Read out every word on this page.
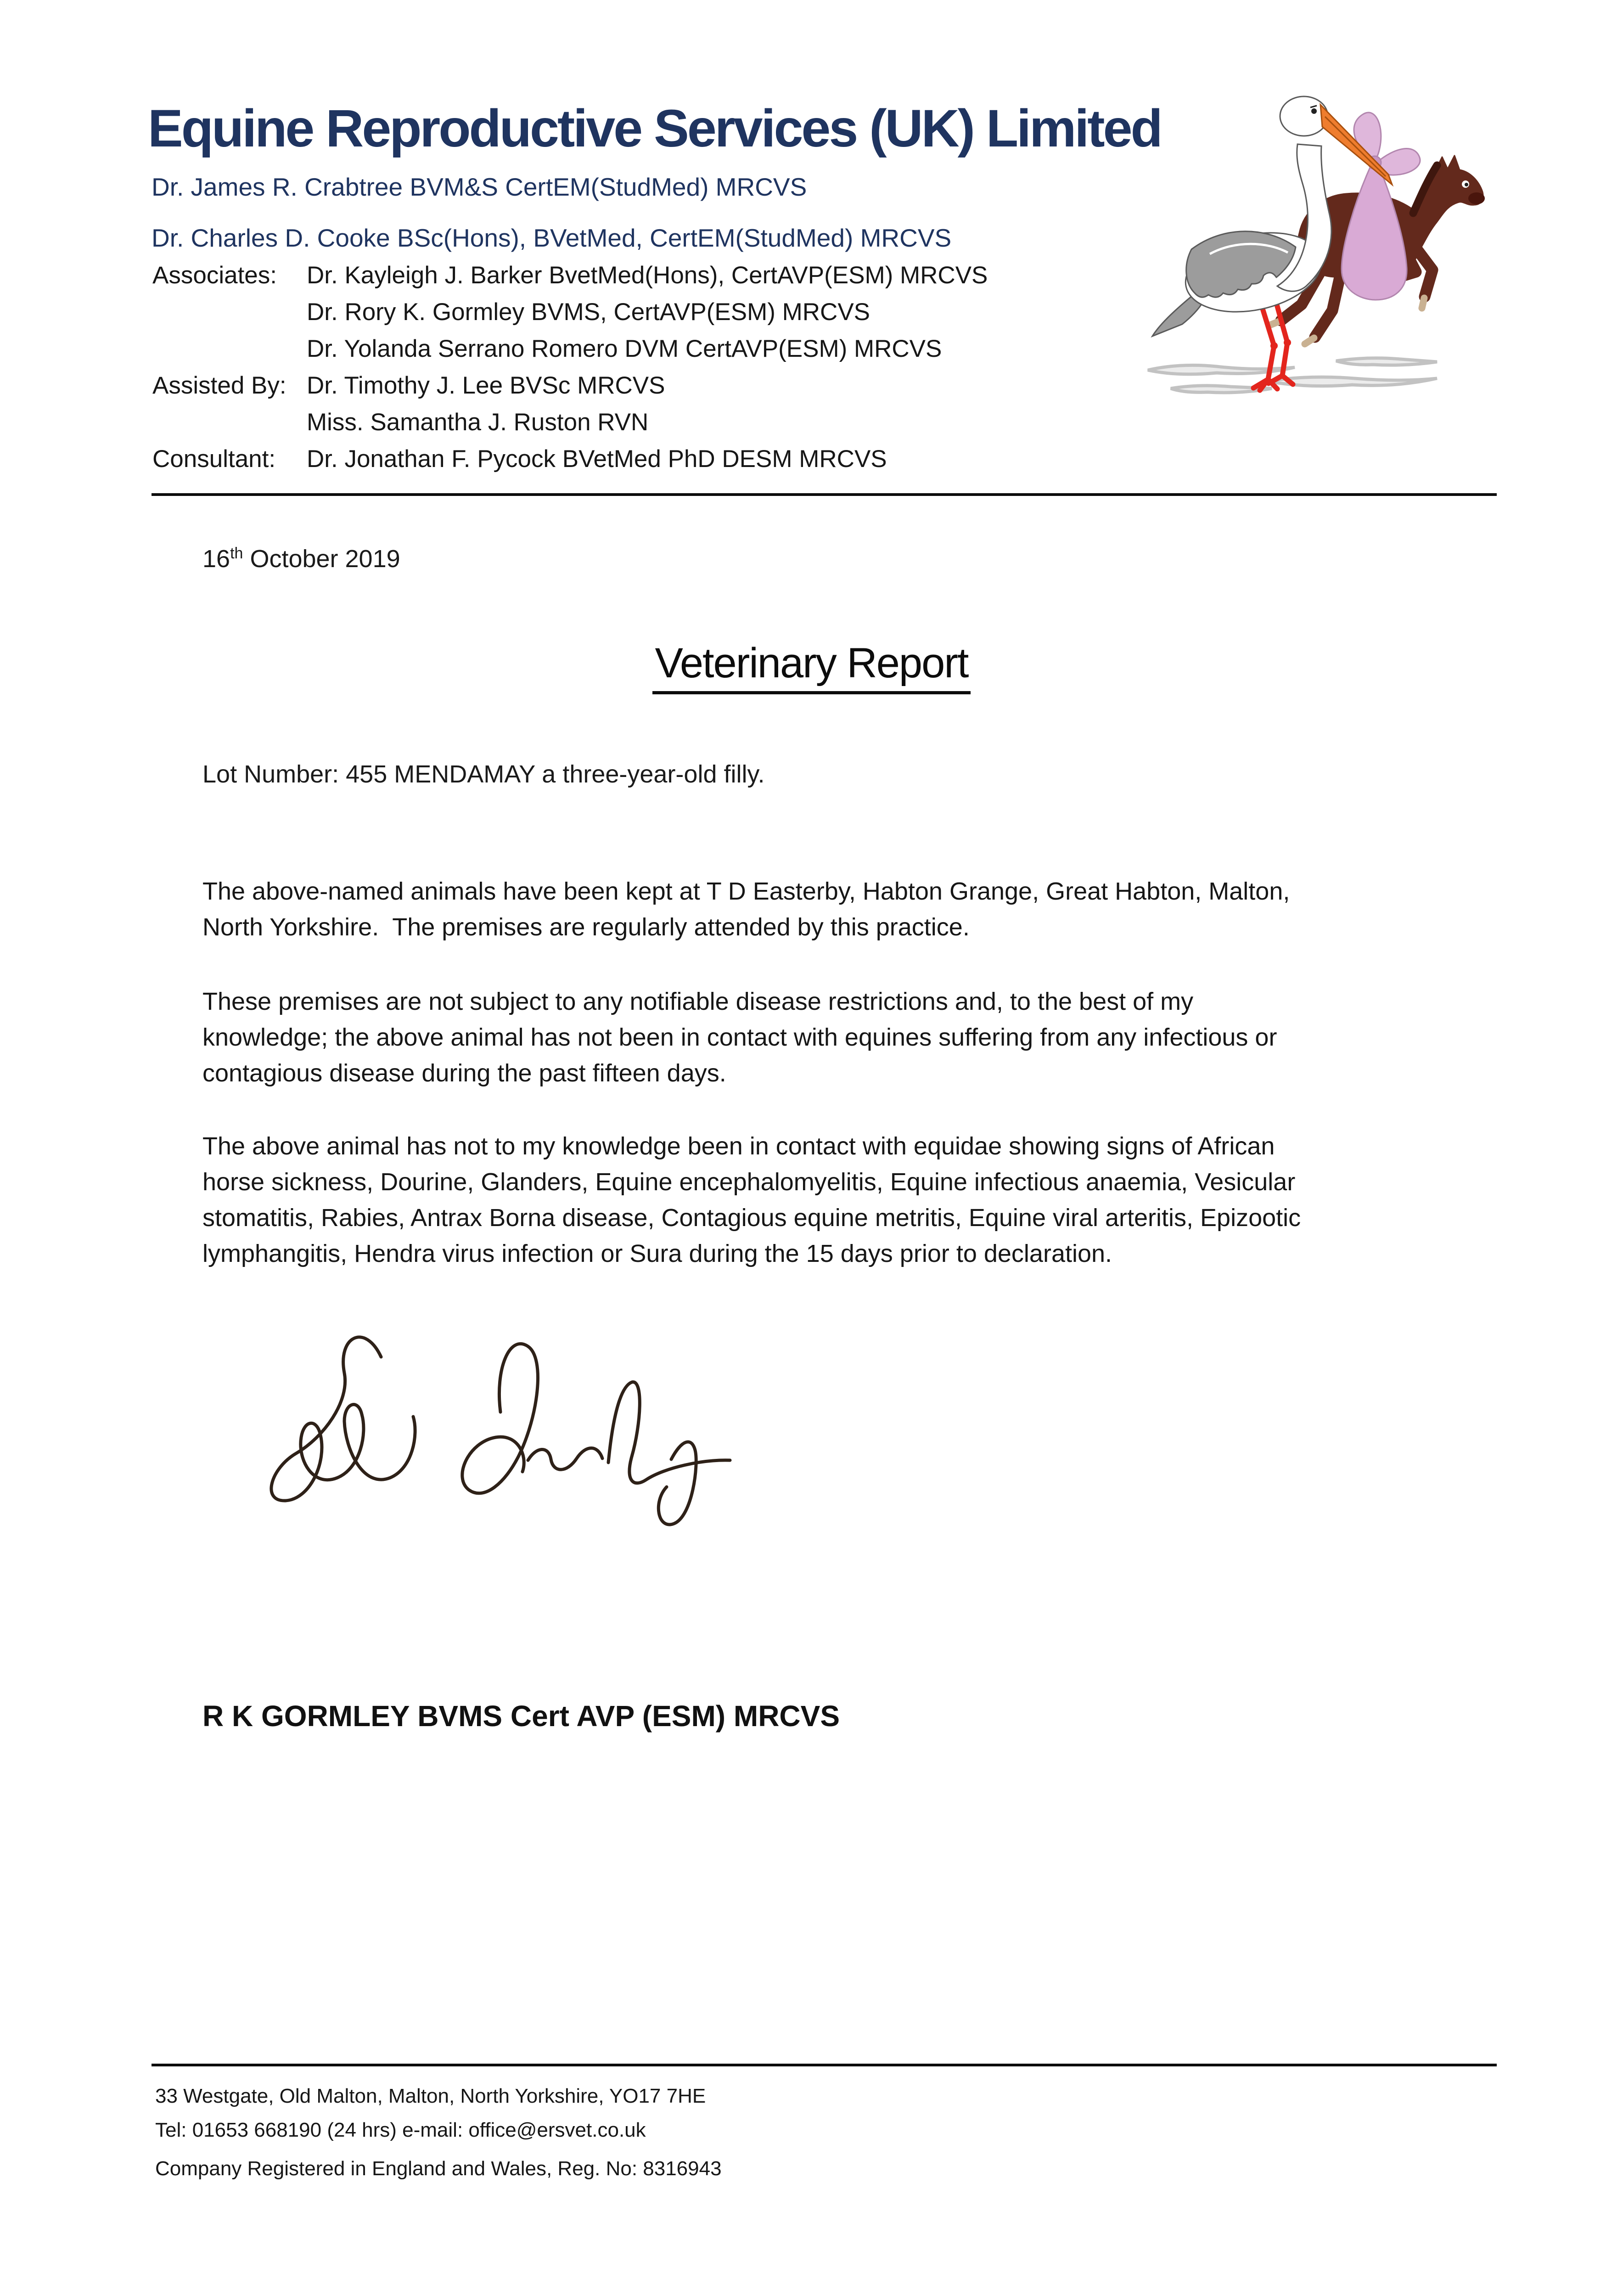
Equine Reproductive Services (UK) Limited
Dr. James R. Crabtree BVM&S CertEM(StudMed) MRCVS
Dr. Charles D. Cooke BSc(Hons), BVetMed, CertEM(StudMed) MRCVS
Associates:	Dr. Kayleigh J. Barker BvetMed(Hons), CertAVP(ESM) MRCVS
Dr. Rory K. Gormley BVMS, CertAVP(ESM) MRCVS
Dr. Yolanda Serrano Romero DVM CertAVP(ESM) MRCVS
Assisted By: Dr. Timothy J. Lee BVSc MRCVS
Miss. Samantha J. Ruston RVN
Consultant:	Dr. Jonathan F. Pycock BVetMed PhD DESM MRCVS
16th October 2019
Veterinary Report
Lot Number: 455 MENDAMAY a three-year-old filly.
The above-named animals have been kept at T D Easterby, Habton Grange, Great Habton, Malton,
North Yorkshire.  The premises are regularly attended by this practice.
These premises are not subject to any notifiable disease restrictions and, to the best of my
knowledge; the above animal has not been in contact with equines suffering from any infectious or
contagious disease during the past fifteen days.
The above animal has not to my knowledge been in contact with equidae showing signs of African
horse sickness, Dourine, Glanders, Equine encephalomyelitis, Equine infectious anaemia, Vesicular
stomatitis, Rabies, Antrax Borna disease, Contagious equine metritis, Equine viral arteritis, Epizootic
lymphangitis, Hendra virus infection or Sura during the 15 days prior to declaration.
R K GORMLEY BVMS Cert AVP (ESM) MRCVS
33 Westgate, Old Malton, Malton, North Yorkshire, YO17 7HE
Tel: 01653 668190 (24 hrs) e-mail: office@ersvet.co.uk
Company Registered in England and Wales, Reg. No: 8316943
